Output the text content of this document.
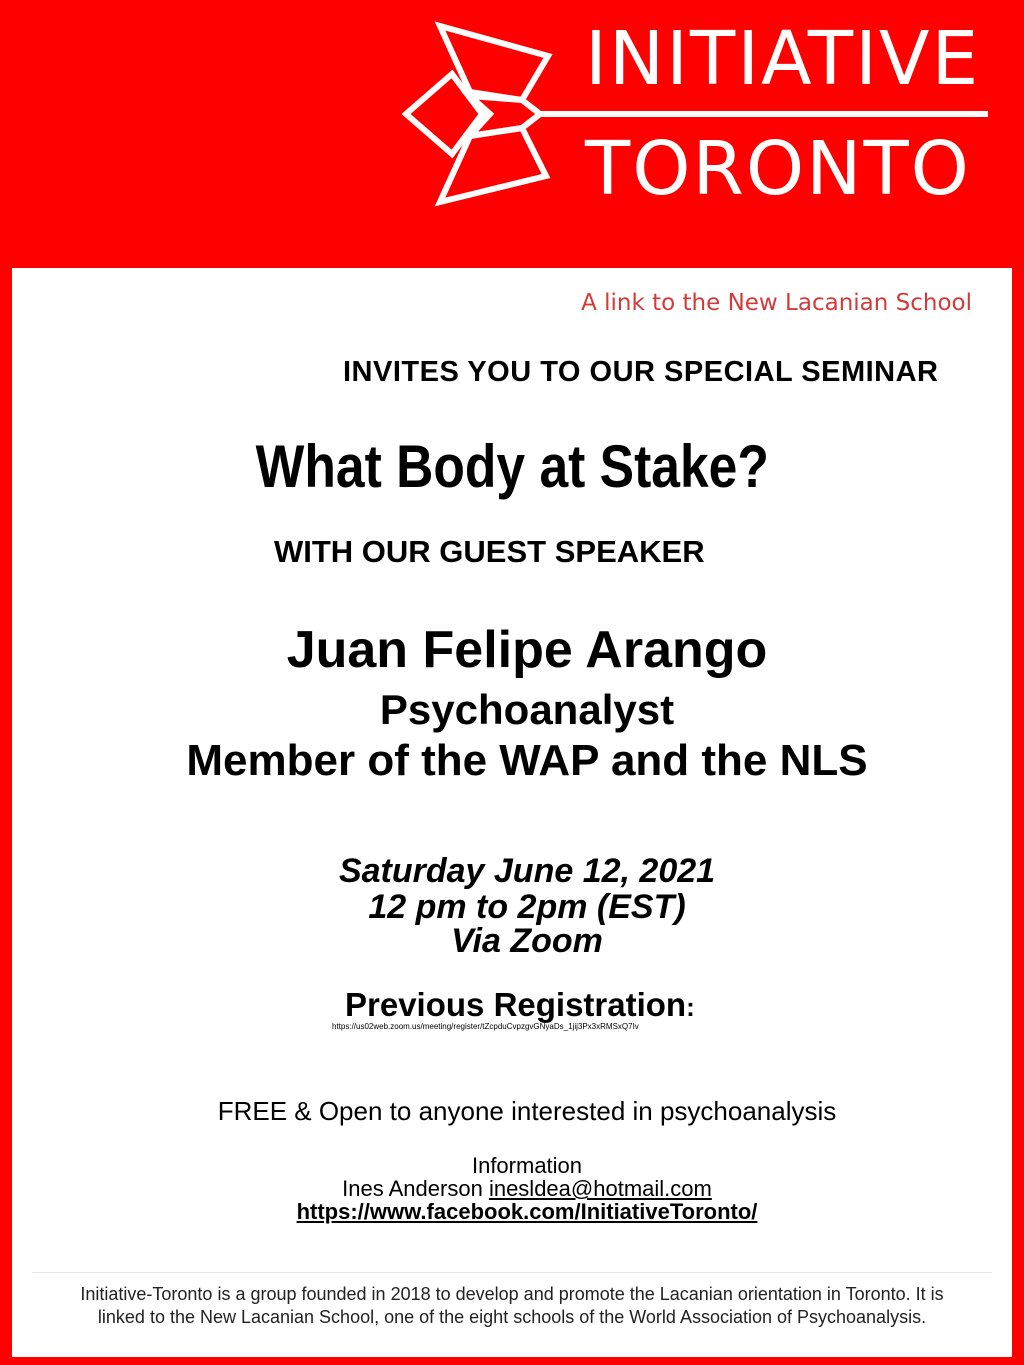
INITIATIVE
TORONTO
A link to the New Lacanian School
INVITES YOU TO OUR SPECIAL SEMINAR
What Body at Stake?
WITH OUR GUEST SPEAKER
Juan Felipe Arango
Psychoanalyst
Member of the WAP and the NLS
Saturday June 12, 2021
12 pm to 2pm (EST)
Via Zoom
Previous Registration:
https://us02web.zoom.us/meeting/register/tZcpduCvpzgvGNyaDs_1jij3Px3xRMSxQ7Iv
FREE & Open to anyone interested in psychoanalysis
Information
Ines Anderson inesldea@hotmail.com
https://www.facebook.com/InitiativeToronto/
Initiative-Toronto is a group founded in 2018 to develop and promote the Lacanian orientation in Toronto. It is
linked to the New Lacanian School, one of the eight schools of the World Association of Psychoanalysis.
